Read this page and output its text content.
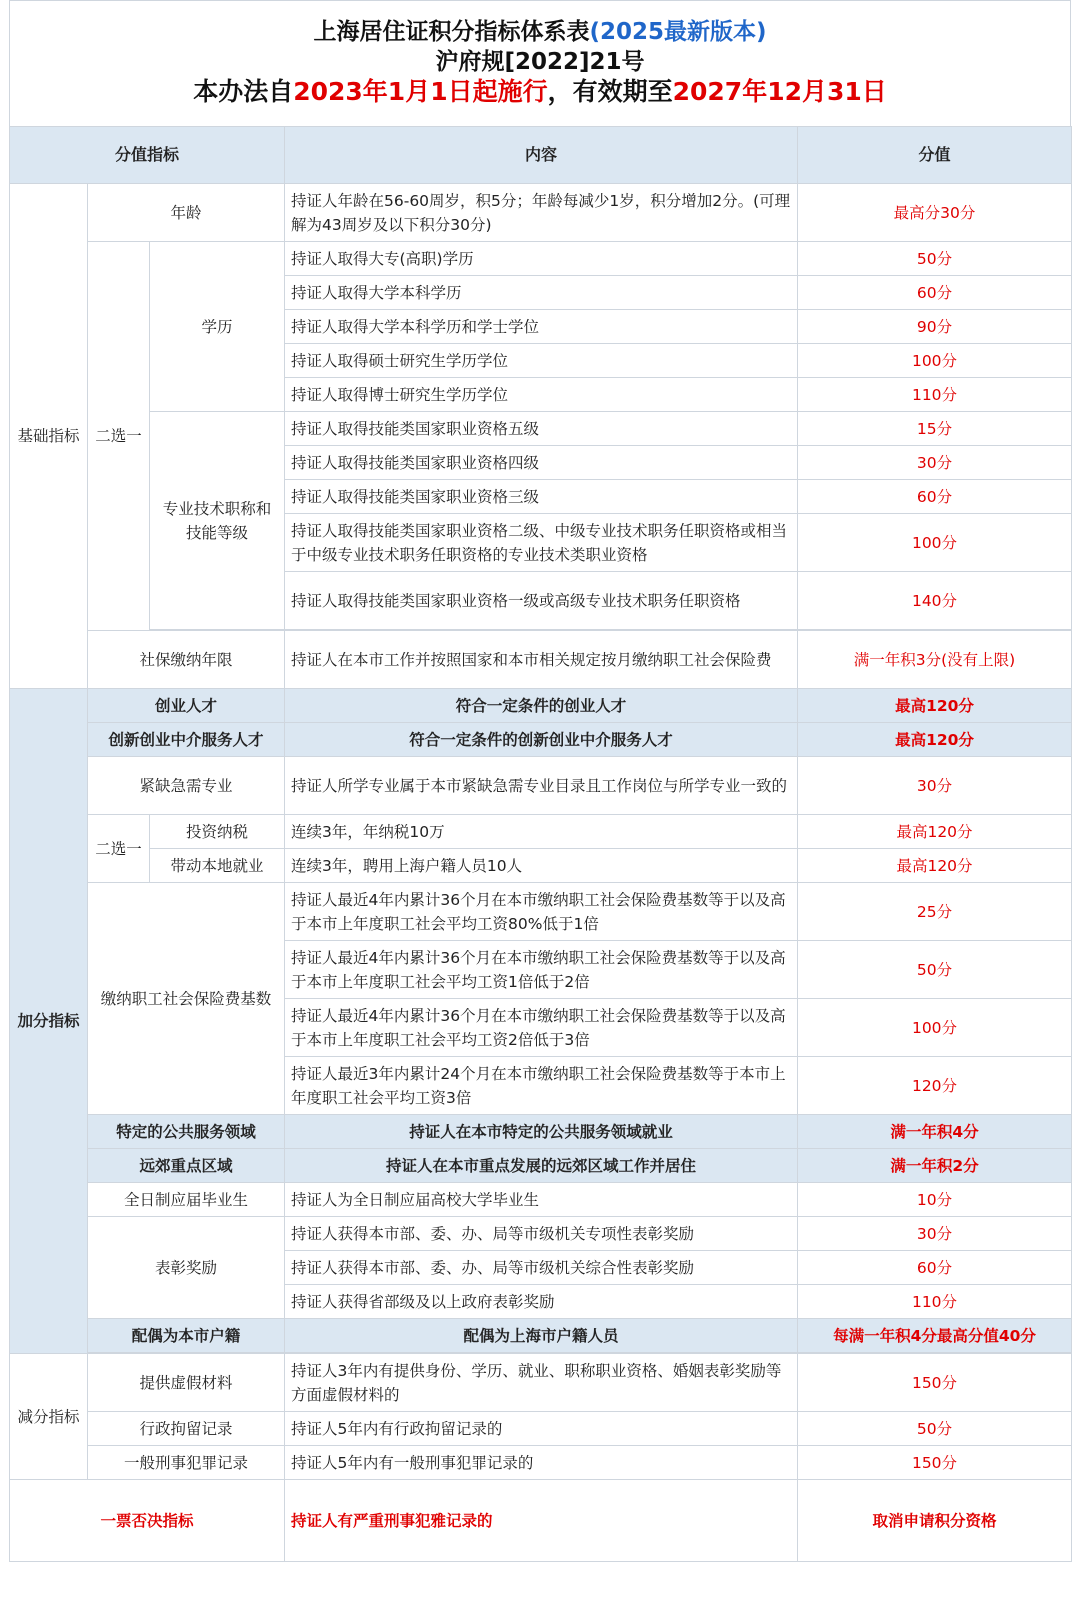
上海居住证积分指标体系表(2025最新版本)
沪府规[2022]21号
本办法自2023年1月1日起施行，有效期至2027年12月31日
分值指标			内容	分值
基础指标	年龄		持证人年龄在56-60周岁，积5分；年龄每减少1岁，积分增加2分。(可理解为43周岁及以下积分30分)	最高分30分
	二选一	学历	持证人取得大专(高职)学历	50分
			持证人取得大学本科学历	60分
			持证人取得大学本科学历和学士学位	90分
			持证人取得硕士研究生学历学位	100分
			持证人取得博士研究生学历学位	110分
		专业技术职称和技能等级	持证人取得技能类国家职业资格五级	15分
			持证人取得技能类国家职业资格四级	30分
			持证人取得技能类国家职业资格三级	60分
			持证人取得技能类国家职业资格二级、中级专业技术职务任职资格或相当于中级专业技术职务任职资格的专业技术类职业资格	100分
			持证人取得技能类国家职业资格一级或高级专业技术职务任职资格	140分

	社保缴纳年限		持证人在本市工作并按照国家和本市相关规定按月缴纳职工社会保险费	满一年积3分(没有上限)
加分指标	创业人才		符合一定条件的创业人才	最高120分
	创新创业中介服务人才		符合一定条件的创新创业中介服务人才	最高120分
	紧缺急需专业		持证人所学专业属于本市紧缺急需专业目录且工作岗位与所学专业一致的	30分
	二选一	投资纳税	连续3年，年纳税10万	最高120分
		带动本地就业	连续3年，聘用上海户籍人员10人	最高120分
	缴纳职工社会保险费基数		持证人最近4年内累计36个月在本市缴纳职工社会保险费基数等于以及高于本市上年度职工社会平均工资80%低于1倍	25分
			持证人最近4年内累计36个月在本市缴纳职工社会保险费基数等于以及高于本市上年度职工社会平均工资1倍低于2倍	50分
			持证人最近4年内累计36个月在本市缴纳职工社会保险费基数等于以及高于本市上年度职工社会平均工资2倍低于3倍	100分
			持证人最近3年内累计24个月在本市缴纳职工社会保险费基数等于本市上年度职工社会平均工资3倍	120分
	特定的公共服务领域		持证人在本市特定的公共服务领域就业	满一年积4分
	远郊重点区域		持证人在本市重点发展的远郊区域工作并居住	满一年积2分
	全日制应届毕业生		持证人为全日制应届高校大学毕业生	10分
	表彰奖励		持证人获得本市部、委、办、局等市级机关专项性表彰奖励	30分
			持证人获得本市部、委、办、局等市级机关综合性表彰奖励	60分
			持证人获得省部级及以上政府表彰奖励	110分
	配偶为本市户籍		配偶为上海市户籍人员	每满一年积4分最高分值40分

减分指标	提供虚假材料		持证人3年内有提供身份、学历、就业、职称职业资格、婚姻表彰奖励等方面虚假材料的	150分
	行政拘留记录		持证人5年内有行政拘留记录的	50分
	一般刑事犯罪记录		持证人5年内有一般刑事犯罪记录的	150分
一票否决指标			持证人有严重刑事犯雅记录的	取消申请积分资格
